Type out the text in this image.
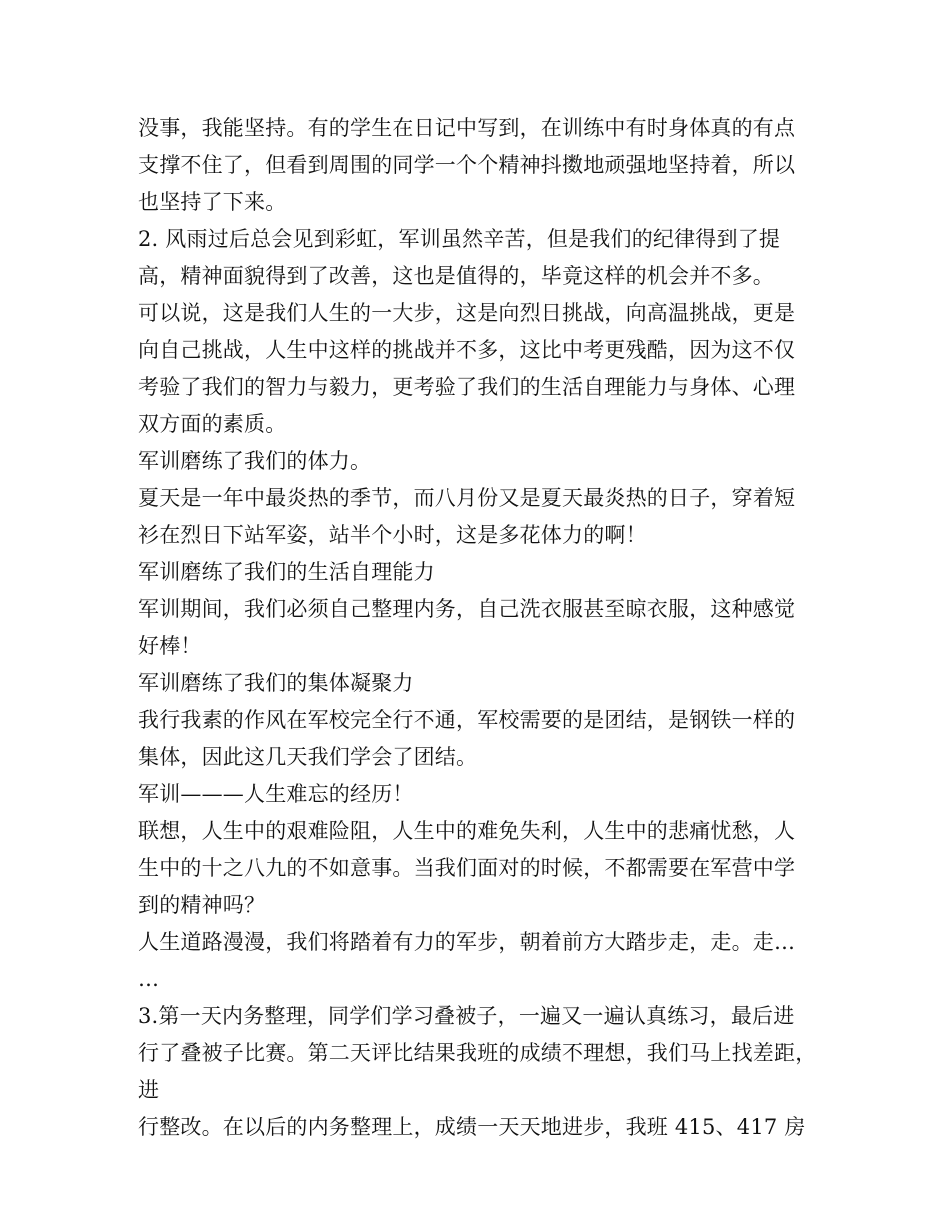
没事，我能坚持。有的学生在日记中写到，在训练中有时身体真的有点
支撑不住了，但看到周围的同学一个个精神抖擞地顽强地坚持着，所以
也坚持了下来。
2. 风雨过后总会见到彩虹，军训虽然辛苦，但是我们的纪律得到了提
高，精神面貌得到了改善，这也是值得的，毕竟这样的机会并不多。
可以说，这是我们人生的一大步，这是向烈日挑战，向高温挑战，更是
向自己挑战，人生中这样的挑战并不多，这比中考更残酷，因为这不仅
考验了我们的智力与毅力，更考验了我们的生活自理能力与身体、心理
双方面的素质。
军训磨练了我们的体力。
夏天是一年中最炎热的季节，而八月份又是夏天最炎热的日子，穿着短
衫在烈日下站军姿，站半个小时，这是多花体力的啊！
军训磨练了我们的生活自理能力
军训期间，我们必须自己整理内务，自己洗衣服甚至晾衣服，这种感觉
好棒！
军训磨练了我们的集体凝聚力
我行我素的作风在军校完全行不通，军校需要的是团结，是钢铁一样的
集体，因此这几天我们学会了团结。
军训———人生难忘的经历！
联想，人生中的艰难险阻，人生中的难免失利，人生中的悲痛忧愁，人
生中的十之八九的不如意事。当我们面对的时候，不都需要在军营中学
到的精神吗？
人生道路漫漫，我们将踏着有力的军步，朝着前方大踏步走，走。走…
…
3.第一天内务整理，同学们学习叠被子，一遍又一遍认真练习，最后进
行了叠被子比赛。第二天评比结果我班的成绩不理想，我们马上找差距，
进
行整改。在以后的内务整理上，成绩一天天地进步，我班 415、417 房
